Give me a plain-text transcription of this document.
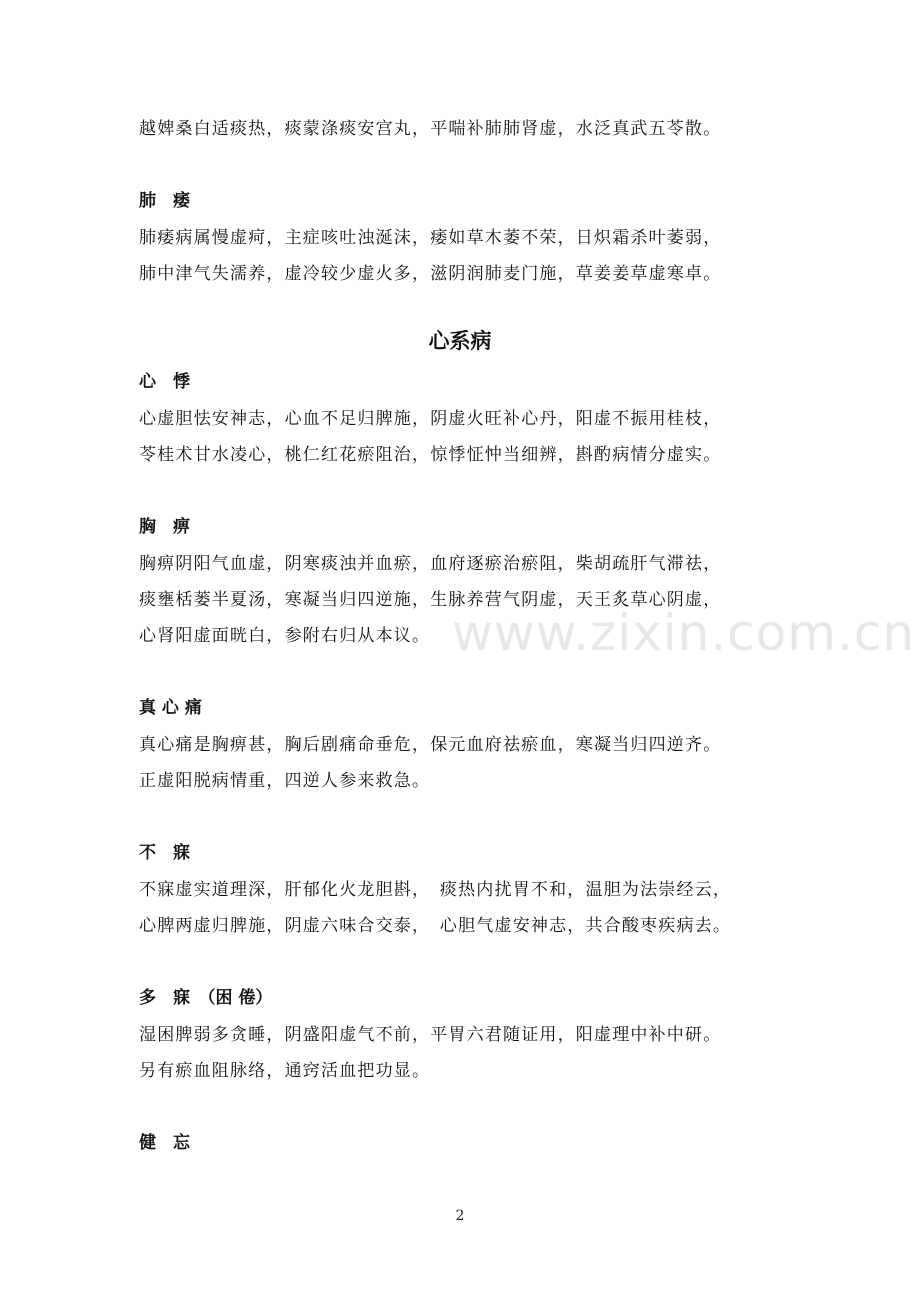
越婢桑白适痰热，痰蒙涤痰安宫丸，平喘补肺肺肾虚，水泛真武五苓散。
肺　痿
肺痿病属慢虚疴，主症咳吐浊涎沫，痿如草木萎不荣，日炽霜杀叶萎弱，
肺中津气失濡养，虚冷较少虚火多，滋阴润肺麦门施，草姜姜草虚寒卓。
心系病
心　悸
心虚胆怯安神志，心血不足归脾施，阴虚火旺补心丹，阳虚不振用桂枝，
苓桂术甘水凌心，桃仁红花瘀阻治，惊悸怔忡当细辨，斟酌病情分虚实。
胸　痹
胸痹阴阳气血虚，阴寒痰浊并血瘀，血府逐瘀治瘀阻，柴胡疏肝气滞祛，
痰壅栝蒌半夏汤，寒凝当归四逆施，生脉养营气阴虚，天王炙草心阴虚，
心肾阳虚面晄白，参附右归从本议。
真 心 痛
真心痛是胸痹甚，胸后剧痛命垂危，保元血府祛瘀血，寒凝当归四逆齐。
正虚阳脱病情重，四逆人参来救急。
不　寐
不寐虚实道理深，肝郁化火龙胆斟，　痰热内扰胃不和，温胆为法崇经云，
心脾两虚归脾施，阴虚六味合交泰，　心胆气虚安神志，共合酸枣疾病去。
多　寐　（困 倦）
湿困脾弱多贪睡，阴盛阳虚气不前，平胃六君随证用，阳虚理中补中研。
另有瘀血阻脉络，通窍活血把功显。
健　忘
www.zixin.com.cn
2
